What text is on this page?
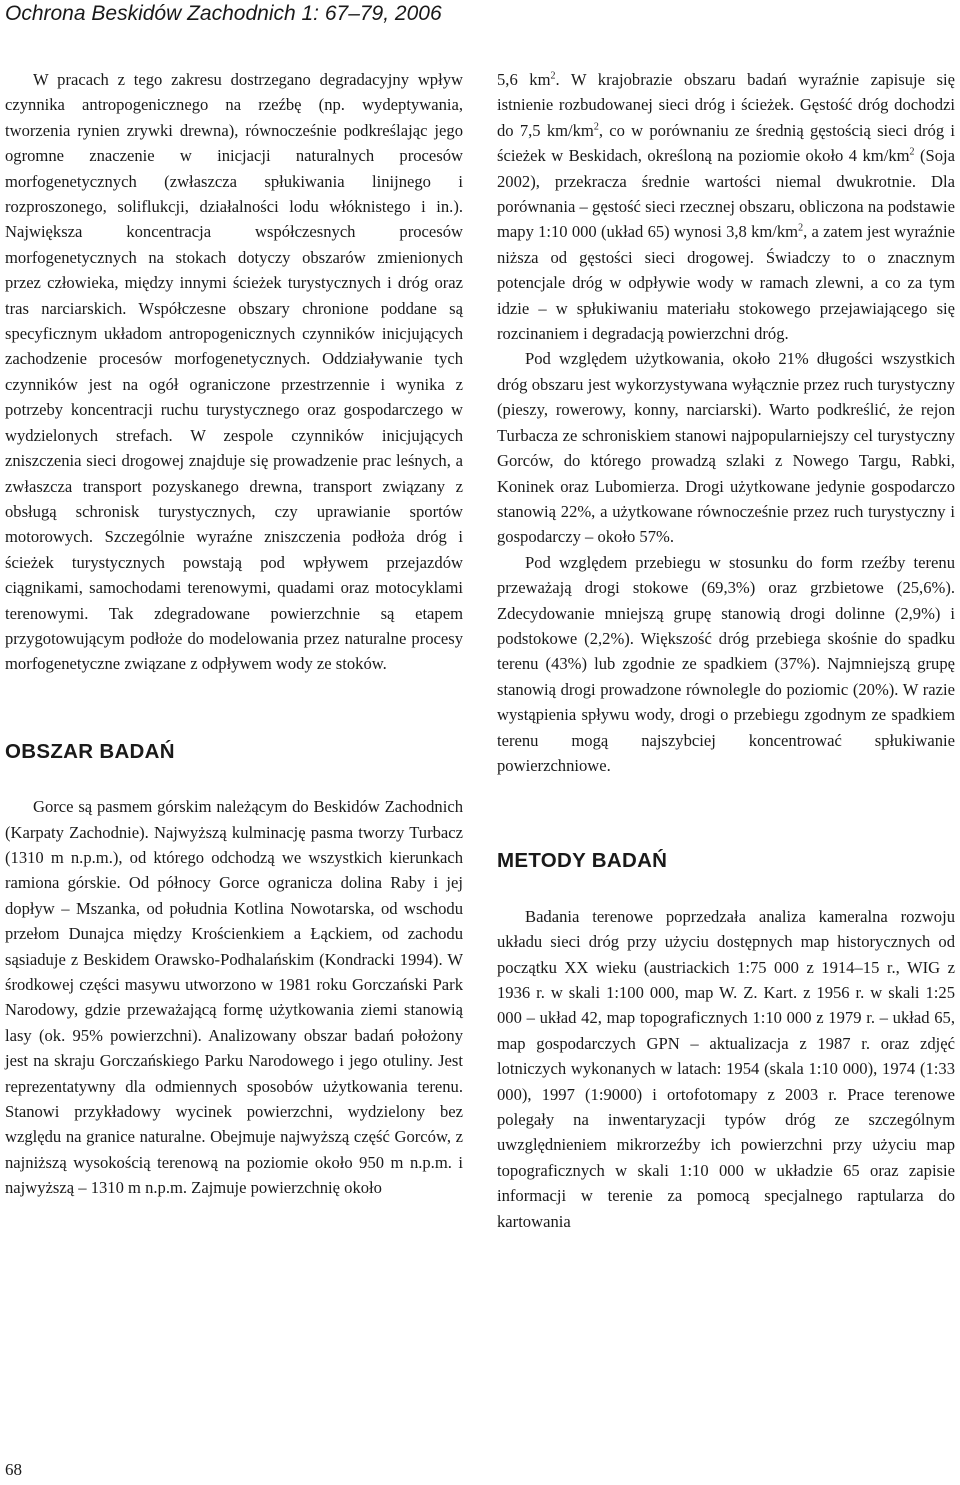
Ochrona Beskidów Zachodnich 1: 67–79, 2006

W pracach z tego zakresu dostrzegano degradacyjny wpływ czynnika antropogenicznego na rzeźbę (np. wydeptywania, tworzenia rynien zrywki drewna), równocześnie podkreślając jego ogromne znaczenie w inicjacji naturalnych procesów morfogenetycznych (zwłaszcza spłukiwania linijnego i rozproszonego, soliflukcji, działalności lodu włóknistego i in.). Największa koncentracja współczesnych procesów morfogenetycznych na stokach dotyczy obszarów zmienionych przez człowieka, między innymi ścieżek turystycznych i dróg oraz tras narciarskich. Współczesne obszary chronione poddane są specyficznym układom antropogenicznych czynników inicjujących zachodzenie procesów morfogenetycznych. Oddziaływanie tych czynników jest na ogół ograniczone przestrzennie i wynika z potrzeby koncentracji ruchu turystycznego oraz gospodarczego w wydzielonych strefach. W zespole czynników inicjujących zniszczenia sieci drogowej znajduje się prowadzenie prac leśnych, a zwłaszcza transport pozyskanego drewna, transport związany z obsługą schronisk turystycznych, czy uprawianie sportów motorowych. Szczególnie wyraźne zniszczenia podłoża dróg i ścieżek turystycznych powstają pod wpływem przejazdów ciągnikami, samochodami terenowymi, quadami oraz motocyklami terenowymi. Tak zdegradowane powierzchnie są etapem przygotowującym podłoże do modelowania przez naturalne procesy morfogenetyczne związane z odpływem wody ze stoków.

OBSZAR BADAŃ

Gorce są pasmem górskim należącym do Beskidów Zachodnich (Karpaty Zachodnie). Najwyższą kulminację pasma tworzy Turbacz (1310 m n.p.m.), od którego odchodzą we wszystkich kierunkach ramiona górskie. Od północy Gorce ogranicza dolina Raby i jej dopływ – Mszanka, od południa Kotlina Nowotarska, od wschodu przełom Dunajca między Krościenkiem a Łąckiem, od zachodu sąsiaduje z Beskidem Orawsko-Podhalańskim (Kondracki 1994). W środkowej części masywu utworzono w 1981 roku Gorczański Park Narodowy, gdzie przeważającą formę użytkowania ziemi stanowią lasy (ok. 95% powierzchni). Analizowany obszar badań położony jest na skraju Gorczańskiego Parku Narodowego i jego otuliny. Jest reprezentatywny dla odmiennych sposobów użytkowania terenu. Stanowi przykładowy wycinek powierzchni, wydzielony bez względu na granice naturalne. Obejmuje najwyższą część Gorców, z najniższą wysokością terenową na poziomie około 950 m n.p.m. i najwyższą – 1310 m n.p.m. Zajmuje powierzchnię około

5,6 $km^2$. W krajobrazie obszaru badań wyraźnie zapisuje się istnienie rozbudowanej sieci dróg i ścieżek. Gęstość dróg dochodzi do 7,5 $km/km^2$, co w porównaniu ze średnią gęstością sieci dróg i ścieżek w Beskidach, określoną na poziomie około 4 $km/km^2$ (Soja 2002), przekracza średnie wartości niemal dwukrotnie. Dla porównania – gęstość sieci rzecznej obszaru, obliczona na podstawie mapy 1:10 000 (układ 65) wynosi 3,8 $km/km^2$, a zatem jest wyraźnie niższa od gęstości sieci drogowej. Świadczy to o znacznym potencjale dróg w odpływie wody w ramach zlewni, a co za tym idzie – w spłukiwaniu materiału stokowego przejawiającego się rozcinaniem i degradacją powierzchni dróg.

Pod względem użytkowania, około 21% długości wszystkich dróg obszaru jest wykorzystywana wyłącznie przez ruch turystyczny (pieszy, rowerowy, konny, narciarski). Warto podkreślić, że rejon Turbacza ze schroniskiem stanowi najpopularniejszy cel turystyczny Gorców, do którego prowadzą szlaki z Nowego Targu, Rabki, Koninek oraz Lubomierza. Drogi użytkowane jedynie gospodarczo stanowią 22%, a użytkowane równocześnie przez ruch turystyczny i gospodarczy – około 57%.

Pod względem przebiegu w stosunku do form rzeźby terenu przeważają drogi stokowe (69,3%) oraz grzbietowe (25,6%). Zdecydowanie mniejszą grupę stanowią drogi dolinne (2,9%) i podstokowe (2,2%). Większość dróg przebiega skośnie do spadku terenu (43%) lub zgodnie ze spadkiem (37%). Najmniejszą grupę stanowią drogi prowadzone równolegle do poziomic (20%). W razie wystąpienia spływu wody, drogi o przebiegu zgodnym ze spadkiem terenu mogą najszybciej koncentrować spłukiwanie powierzchniowe.

METODY BADAŃ

Badania terenowe poprzedzała analiza kameralna rozwoju układu sieci dróg przy użyciu dostępnych map historycznych od początku XX wieku (austriackich 1:75 000 z 1914–15 r., WIG z 1936 r. w skali 1:100 000, map W. Z. Kart. z 1956 r. w skali 1:25 000 – układ 42, map topograficznych 1:10 000 z 1979 r. – układ 65, map gospodarczych GPN – aktualizacja z 1987 r. oraz zdjęć lotniczych wykonanych w latach: 1954 (skala 1:10 000), 1974 (1:33 000), 1997 (1:9000) i ortofotomapy z 2003 r. Prace terenowe polegały na inwentaryzacji typów dróg ze szczególnym uwzględnieniem mikrorzeźby ich powierzchni przy użyciu map topograficznych w skali 1:10 000 w układzie 65 oraz zapisie informacji w terenie za pomocą specjalnego raptularza do kartowania

68
